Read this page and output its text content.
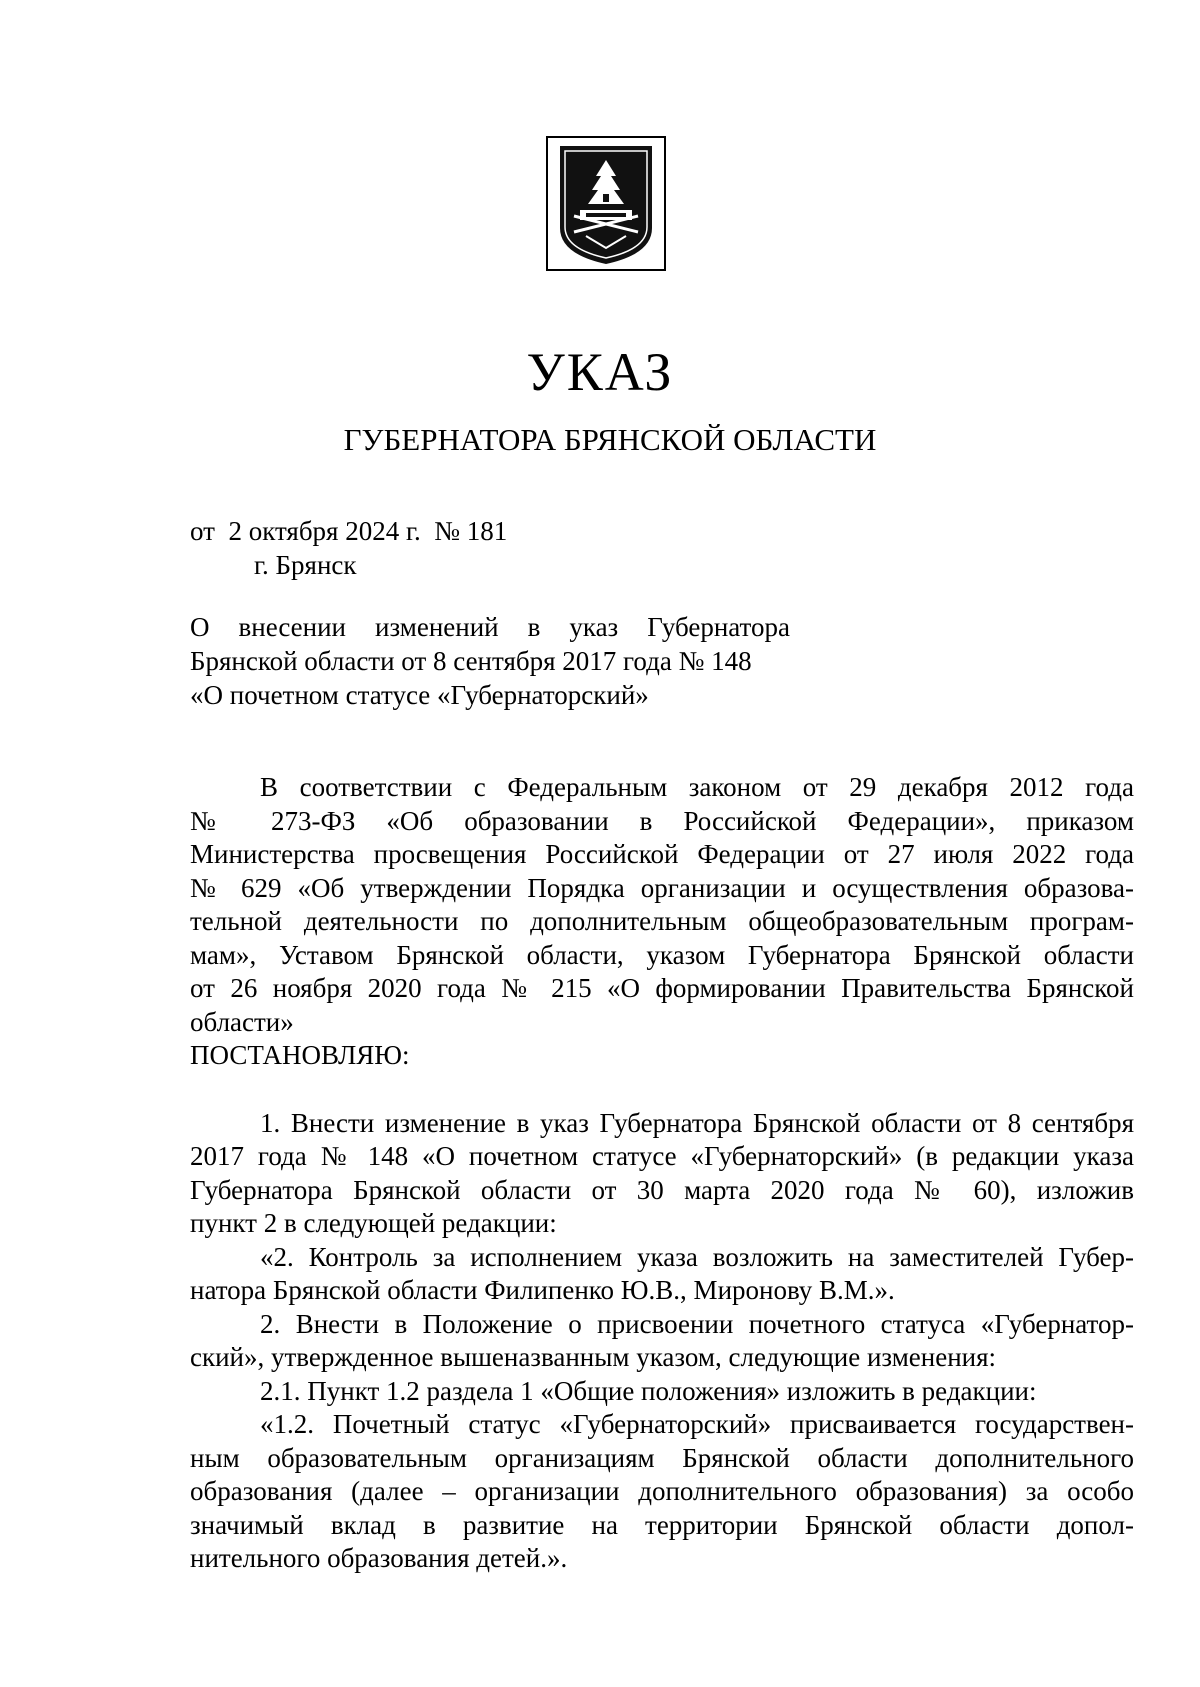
УКАЗ
ГУБЕРНАТОРА БРЯНСКОЙ ОБЛАСТИ
от  2 октября 2024 г.  № 181
г. Брянск
О внесении изменений в указ Губернатора
Брянской области от 8 сентября 2017 года № 148
«О почетном статусе «Губернаторский»
В соответствии с Федеральным законом от 29 декабря 2012 года
№ 273-ФЗ «Об образовании в Российской Федерации», приказом
Министерства просвещения Российской Федерации от 27 июля 2022 года
№ 629 «Об утверждении Порядка организации и осуществления образова-
тельной деятельности по дополнительным общеобразовательным програм-
мам», Уставом Брянской области, указом Губернатора Брянской области
от 26 ноября 2020 года № 215 «О формировании Правительства Брянской
области»
ПОСТАНОВЛЯЮ:
1. Внести изменение в указ Губернатора Брянской области от 8 сентября
2017 года № 148 «О почетном статусе «Губернаторский» (в редакции указа
Губернатора Брянской области от 30 марта 2020 года № 60), изложив
пункт 2 в следующей редакции:
«2. Контроль за исполнением указа возложить на заместителей Губер-
натора Брянской области Филипенко Ю.В., Миронову В.М.».
2. Внести в Положение о присвоении почетного статуса «Губернатор-
ский», утвержденное вышеназванным указом, следующие изменения:
2.1. Пункт 1.2 раздела 1 «Общие положения» изложить в редакции:
«1.2. Почетный статус «Губернаторский» присваивается государствен-
ным образовательным организациям Брянской области дополнительного
образования (далее – организации дополнительного образования) за особо
значимый вклад в развитие на территории Брянской области допол-
нительного образования детей.».
